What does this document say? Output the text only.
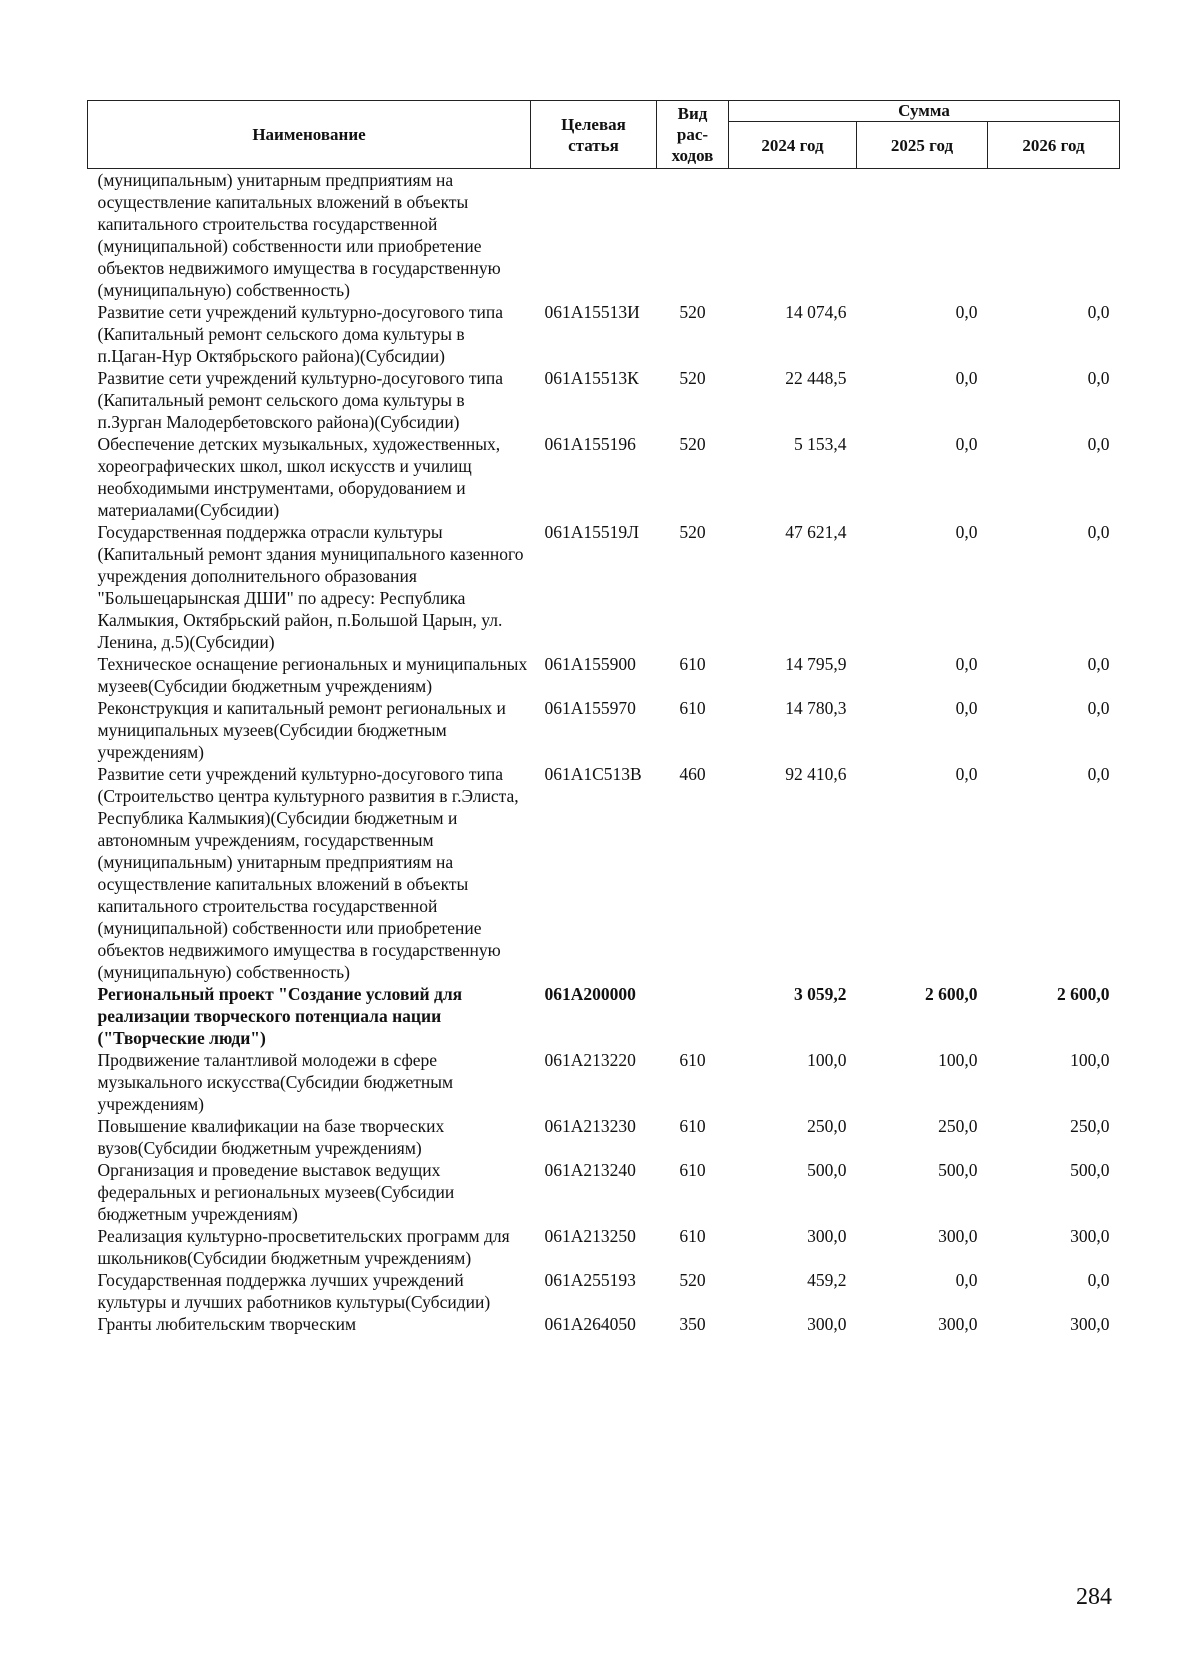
Наименование	Целевая статья	Вид рас-ходов	Сумма		
			2024 год	2025 год	2026 год
(муниципальным) унитарным предприятиям на осуществление капитальных вложений в объекты капитального строительства государственной (муниципальной) собственности или приобретение объектов недвижимого имущества в государственную (муниципальную) собственность)					
Развитие сети учреждений культурно-досугового типа (Капитальный ремонт сельского дома культуры в п.Цаган-Нур Октябрьского района)(Субсидии)	061А15513И	520	14 074,6	0,0	0,0
Развитие сети учреждений культурно-досугового типа (Капитальный ремонт сельского дома культуры в п.Зурган Малодербетовского района)(Субсидии)	061А15513К	520	22 448,5	0,0	0,0
Обеспечение детских музыкальных, художественных, хореографических школ, школ искусств и училищ необходимыми инструментами, оборудованием и материалами(Субсидии)	061А155196	520	5 153,4	0,0	0,0
Государственная поддержка отрасли культуры (Капитальный ремонт здания муниципального казенного учреждения дополнительного образования "Большецарынская ДШИ" по адресу: Республика Калмыкия, Октябрьский район, п.Большой Царын, ул. Ленина, д.5)(Субсидии)	061А15519Л	520	47 621,4	0,0	0,0
Техническое оснащение региональных и муниципальных музеев(Субсидии бюджетным учреждениям)	061А155900	610	14 795,9	0,0	0,0
Реконструкция и капитальный ремонт региональных и муниципальных музеев(Субсидии бюджетным учреждениям)	061А155970	610	14 780,3	0,0	0,0
Развитие сети учреждений культурно-досугового типа (Строительство центра культурного развития в г.Элиста, Республика Калмыкия)(Субсидии бюджетным и автономным учреждениям, государственным (муниципальным) унитарным предприятиям на осуществление капитальных вложений в объекты капитального строительства государственной (муниципальной) собственности или приобретение объектов недвижимого имущества в государственную (муниципальную) собственность)	061А1С513В	460	92 410,6	0,0	0,0
Региональный проект "Создание условий для реализации творческого потенциала нации ("Творческие люди")	061А200000		3 059,2	2 600,0	2 600,0
Продвижение талантливой молодежи в сфере музыкального искусства(Субсидии бюджетным учреждениям)	061А213220	610	100,0	100,0	100,0
Повышение квалификации на базе творческих вузов(Субсидии бюджетным учреждениям)	061А213230	610	250,0	250,0	250,0
Организация и проведение выставок ведущих федеральных и региональных музеев(Субсидии бюджетным учреждениям)	061А213240	610	500,0	500,0	500,0
Реализация культурно-просветительских программ для школьников(Субсидии бюджетным учреждениям)	061А213250	610	300,0	300,0	300,0
Государственная поддержка лучших учреждений культуры и лучших работников культуры(Субсидии)	061А255193	520	459,2	0,0	0,0
Гранты любительским творческим	061А264050	350	300,0	300,0	300,0
284
